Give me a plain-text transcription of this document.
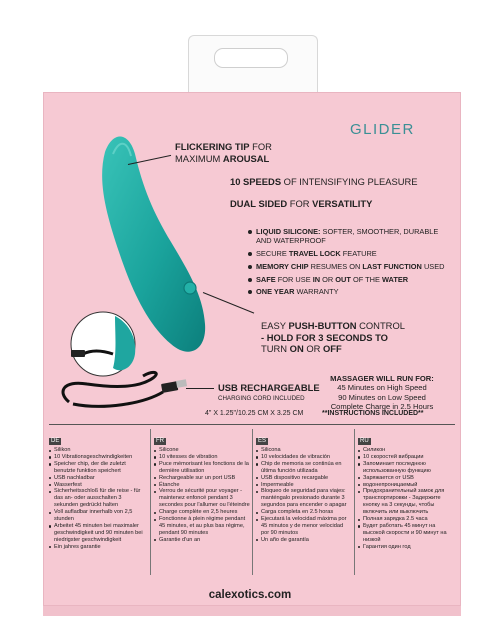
GLIDER
FLICKERING TIP FOR
MAXIMUM AROUSAL
10 SPEEDS OF INTENSIFYING PLEASURE
DUAL SIDED FOR VERSATILITY
LIQUID SILICONE: SOFTER, SMOOTHER, DURABLE AND WATERPROOF
SECURE TRAVEL LOCK FEATURE
MEMORY CHIP RESUMES ON LAST FUNCTION USED
SAFE FOR USE IN OR OUT OF THE WATER
ONE YEAR WARRANTY
EASY PUSH-BUTTON CONTROL
- HOLD FOR 3 SECONDS TO
TURN ON OR OFF
MASSAGER WILL RUN FOR:
45 Minutes on High Speed
90 Minutes on Low Speed
Complete Charge in 2.5 Hours
USB RECHARGEABLE
CHARGING CORD INCLUDED
4" X 1.25"/10.25 CM X 3.25 CM	**INSTRUCTIONS INCLUDED**
DE
Silikon
10 Vibrationsgeschwindigkeiten
Speicher chip, der die zuletzt benutzte funktion speichert
USB nachladbar
Wasserfest
Sicherheitsschloß für die reise - für das an- oder ausschalten 3 sekunden gedrückt halten
Voll aufladbar innerhalb von 2,5 stunden
Arbeitet 45 minuten bei maximaler geschwindigkeit und 90 minuten bei niedrigster geschwindigkeit
Ein jahres garantie
FR
Silicone
10 vitesses de vibration
Puce mémorisant les fonctions de la dernière utilisation
Rechargeable sur un port USB
Étanche
Verrou de sécurité pour voyager - maintenez enfoncé pendant 3 secondes pour l'allumer ou l'éteindre
Charge complète en 2,5 heures
Fonctionne à plein régime pendant 45 minutes, et au plus bas régime, pendant 90 minutes
Garantie d'un an
ES
Silicona
10 velocidades de vibración
Chip de memoria se continúa en última función utilizada
USB dispositivo recargable
Impermeable
Bloqueo de seguridad para viajes: manténgalo presionado durante 3 segundos para encender o apagar
Carga completa en 2.5 horas
Ejecutará la velocidad máxima por 45 minutos y de menor velocidad por 90 minutos
Un año de garantía
RU
Силикон
10 скоростей вибрации
Запоминает последнюю использованную функцию
Заряжается от USB
водонепроницаемый
Предохранительный замок для транспортировки - Задержите кнопку на 3 секунды, чтобы включить или выключить
Полная зарядка 2.5 часа
Будет работать 45 минут на высокой скорости и 90 минут на низкой
Гарантия один год
calexotics.com
